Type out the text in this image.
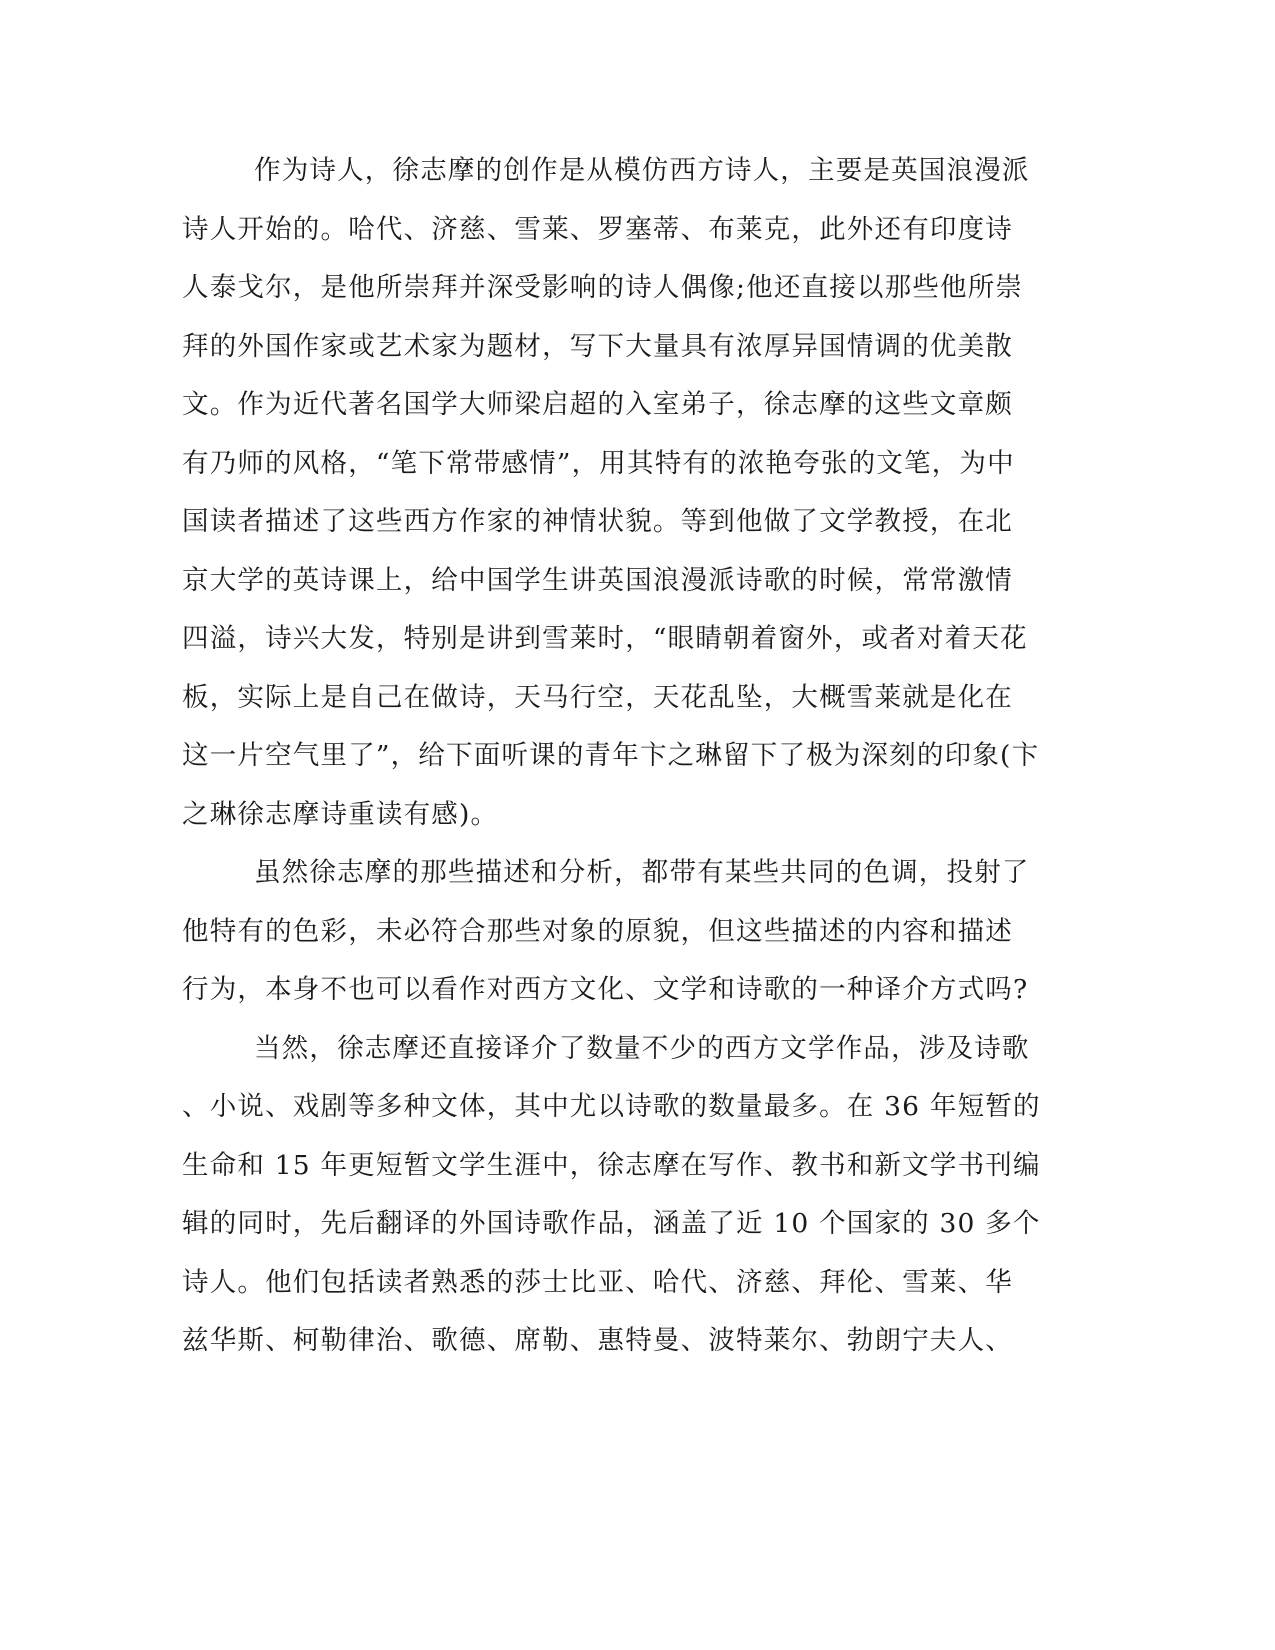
作为诗人，徐志摩的创作是从模仿西方诗人，主要是英国浪漫派
诗人开始的。哈代、济慈、雪莱、罗塞蒂、布莱克，此外还有印度诗
人泰戈尔，是他所崇拜并深受影响的诗人偶像;他还直接以那些他所崇
拜的外国作家或艺术家为题材，写下大量具有浓厚异国情调的优美散
文。作为近代著名国学大师梁启超的入室弟子，徐志摩的这些文章颇
有乃师的风格，“笔下常带感情”，用其特有的浓艳夸张的文笔，为中
国读者描述了这些西方作家的神情状貌。等到他做了文学教授，在北
京大学的英诗课上，给中国学生讲英国浪漫派诗歌的时候，常常激情
四溢，诗兴大发，特别是讲到雪莱时，“眼睛朝着窗外，或者对着天花
板，实际上是自己在做诗，天马行空，天花乱坠，大概雪莱就是化在
这一片空气里了”，给下面听课的青年卞之琳留下了极为深刻的印象(卞
之琳徐志摩诗重读有感)。
虽然徐志摩的那些描述和分析，都带有某些共同的色调，投射了
他特有的色彩，未必符合那些对象的原貌，但这些描述的内容和描述
行为，本身不也可以看作对西方文化、文学和诗歌的一种译介方式吗?
当然，徐志摩还直接译介了数量不少的西方文学作品，涉及诗歌
、小说、戏剧等多种文体，其中尤以诗歌的数量最多。在 36 年短暂的
生命和 15 年更短暂文学生涯中，徐志摩在写作、教书和新文学书刊编
辑的同时，先后翻译的外国诗歌作品，涵盖了近 10 个国家的 30 多个
诗人。他们包括读者熟悉的莎士比亚、哈代、济慈、拜伦、雪莱、华
兹华斯、柯勒律治、歌德、席勒、惠特曼、波特莱尔、勃朗宁夫人、
